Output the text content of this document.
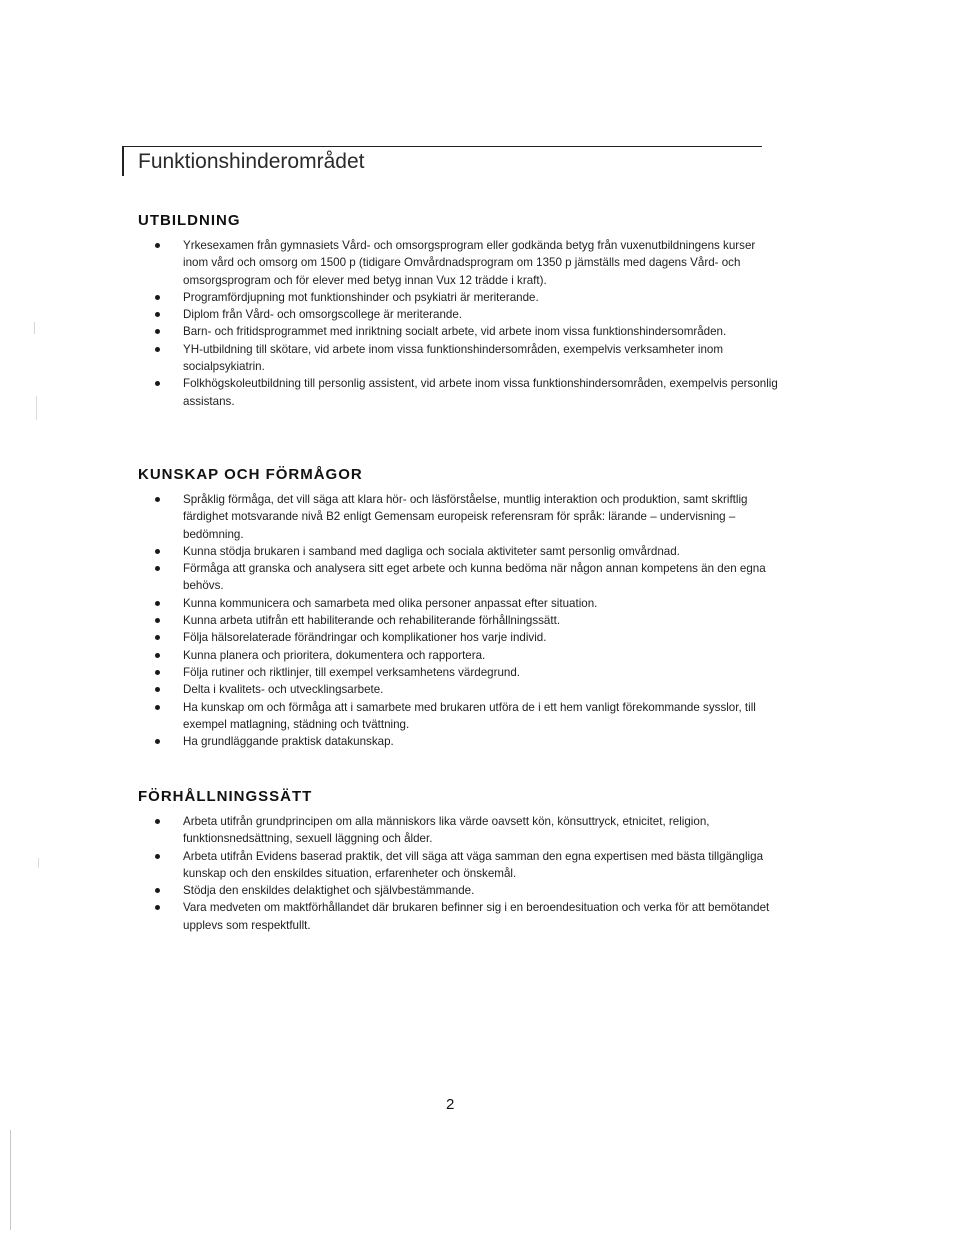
Funktionshinderområdet
UTBILDNING
Yrkesexamen från gymnasiets Vård- och omsorgsprogram eller godkända betyg från vuxenutbildningens kurser inom vård och omsorg om 1500 p (tidigare Omvårdnadsprogram om 1350 p jämställs med dagens Vård- och omsorgsprogram och för elever med betyg innan Vux 12 trädde i kraft).
Programfördjupning mot funktionshinder och psykiatri är meriterande.
Diplom från Vård- och omsorgscollege är meriterande.
Barn- och fritidsprogrammet med inriktning socialt arbete, vid arbete inom vissa funktionshindersområden.
YH-utbildning till skötare, vid arbete inom vissa funktionshindersområden, exempelvis verksamheter inom socialpsykiatrin.
Folkhögskoleutbildning till personlig assistent, vid arbete inom vissa funktionshindersområden, exempelvis personlig assistans.
KUNSKAP OCH FÖRMÅGOR
Språklig förmåga, det vill säga att klara hör- och läsförståelse, muntlig interaktion och produktion, samt skriftlig färdighet motsvarande nivå B2 enligt Gemensam europeisk referensram för språk: lärande – undervisning – bedömning.
Kunna stödja brukaren i samband med dagliga och sociala aktiviteter samt personlig omvårdnad.
Förmåga att granska och analysera sitt eget arbete och kunna bedöma när någon annan kompetens än den egna behövs.
Kunna kommunicera och samarbeta med olika personer anpassat efter situation.
Kunna arbeta utifrån ett habiliterande och rehabiliterande förhållningssätt.
Följa hälsorelaterade förändringar och komplikationer hos varje individ.
Kunna planera och prioritera, dokumentera och rapportera.
Följa rutiner och riktlinjer, till exempel verksamhetens värdegrund.
Delta i kvalitets- och utvecklingsarbete.
Ha kunskap om och förmåga att i samarbete med brukaren utföra de i ett hem vanligt förekommande sysslor, till exempel matlagning, städning och tvättning.
Ha grundläggande praktisk datakunskap.
FÖRHÅLLNINGSSÄTT
Arbeta utifrån grundprincipen om alla människors lika värde oavsett kön, könsuttryck, etnicitet, religion, funktionsnedsättning, sexuell läggning och ålder.
Arbeta utifrån Evidens baserad praktik, det vill säga att väga samman den egna expertisen med bästa tillgängliga kunskap och den enskildes situation, erfarenheter och önskemål.
Stödja den enskildes delaktighet och självbestämmande.
Vara medveten om maktförhållandet där brukaren befinner sig i en beroendesituation och verka för att bemötandet upplevs som respektfullt.
2
